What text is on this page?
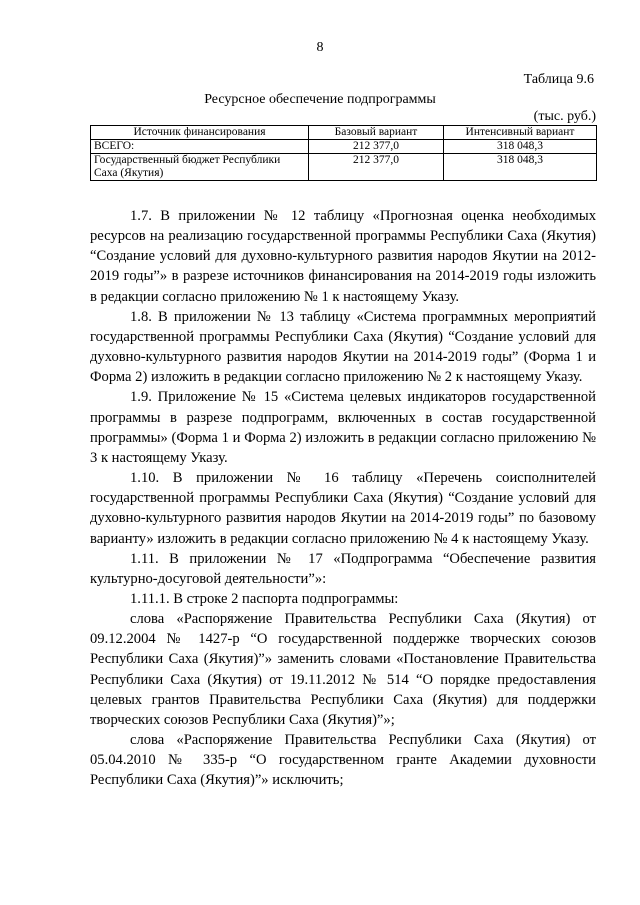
8
Таблица 9.6
Ресурсное обеспечение подпрограммы
(тыс. руб.)
Источник финансирования	Базовый вариант	Интенсивный вариант
ВСЕГО:	212 377,0	318 048,3
Государственный бюджет Республики Саха (Якутия)	212 377,0	318 048,3

1.7. В приложении № 12 таблицу «Прогнозная оценка необходимых ресурсов на реализацию государственной программы Республики Саха (Якутия) “Создание условий для духовно-культурного развития народов Якутии на 2012-2019 годы”» в разрезе источников финансирования на 2014-2019 годы изложить в редакции согласно приложению № 1 к настоящему Указу.

1.8. В приложении № 13 таблицу «Система программных мероприятий государственной программы Республики Саха (Якутия) “Создание условий для духовно-культурного развития народов Якутии на 2014-2019 годы” (Форма 1 и Форма 2) изложить в редакции согласно приложению № 2 к настоящему Указу.

1.9. Приложение № 15 «Система целевых индикаторов государственной программы в разрезе подпрограмм, включенных в состав государственной программы» (Форма 1 и Форма 2) изложить в редакции согласно приложению № 3 к настоящему Указу.

1.10. В приложении № 16 таблицу «Перечень соисполнителей государственной программы Республики Саха (Якутия) “Создание условий для духовно-культурного развития народов Якутии на 2014-2019 годы” по базовому варианту» изложить в редакции согласно приложению № 4 к настоящему Указу.

1.11. В приложении № 17 «Подпрограмма “Обеспечение развития культурно-досуговой деятельности”»:

1.11.1. В строке 2 паспорта подпрограммы:

слова «Распоряжение Правительства Республики Саха (Якутия) от 09.12.2004 № 1427-р “О государственной поддержке творческих союзов Республики Саха (Якутия)”» заменить словами «Постановление Правительства Республики Саха (Якутия) от 19.11.2012 № 514 “О порядке предоставления целевых грантов Правительства Республики Саха (Якутия) для поддержки творческих союзов Республики Саха (Якутия)”»;

слова «Распоряжение Правительства Республики Саха (Якутия) от 05.04.2010 № 335-р “О государственном гранте Академии духовности Республики Саха (Якутия)”» исключить;
